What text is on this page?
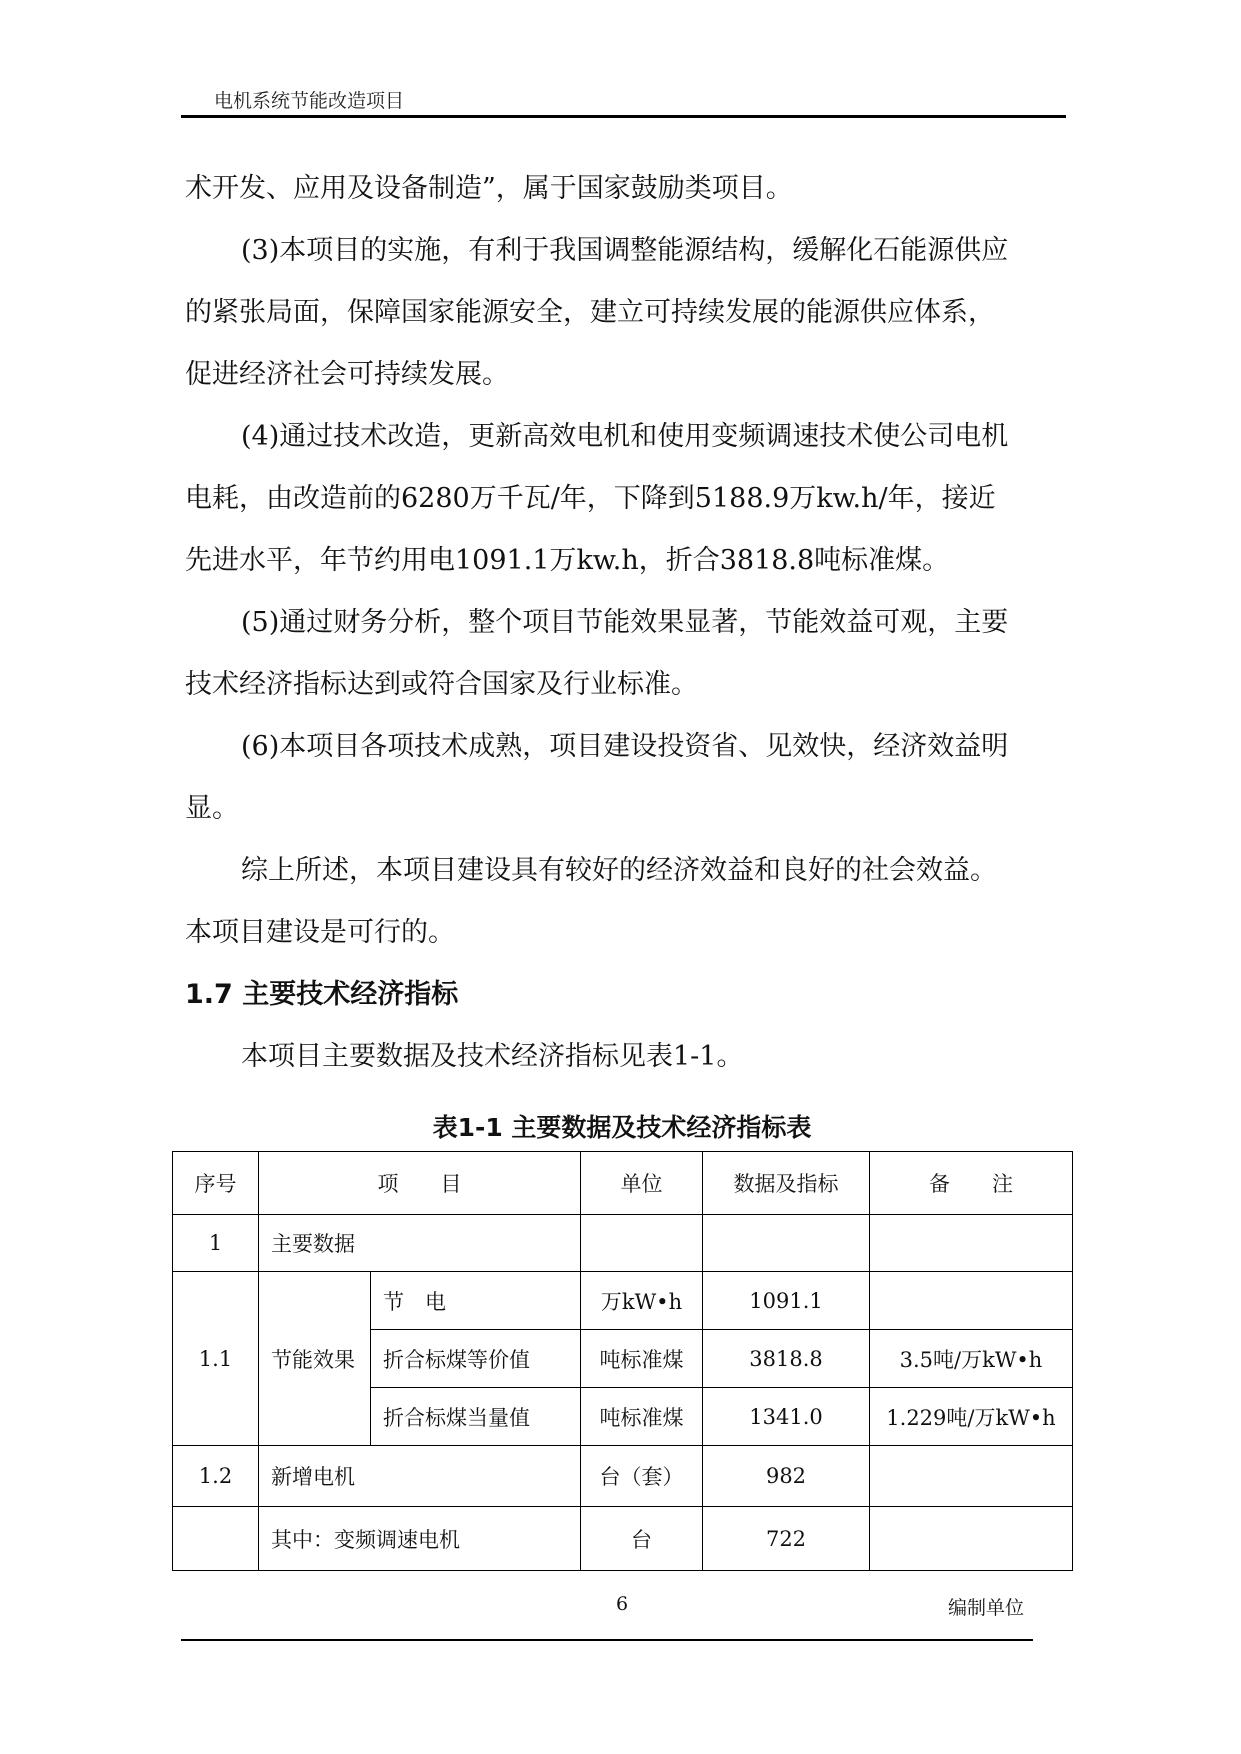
电机系统节能改造项目

术开发、应用及设备制造”，属于国家鼓励类项目。

(3)本项目的实施，有利于我国调整能源结构，缓解化石能源供应

的紧张局面，保障国家能源安全，建立可持续发展的能源供应体系，

促进经济社会可持续发展。

(4)通过技术改造，更新高效电机和使用变频调速技术使公司电机

电耗，由改造前的6280万千瓦/年，下降到5188.9万kw.h/年，接近

先进水平，年节约用电1091.1万kw.h，折合3818.8吨标准煤。

(5)通过财务分析，整个项目节能效果显著，节能效益可观，主要

技术经济指标达到或符合国家及行业标准。

(6)本项目各项技术成熟，项目建设投资省、见效快，经济效益明

显。

综上所述，本项目建设具有较好的经济效益和良好的社会效益。

本项目建设是可行的。

1.7 主要技术经济指标

本项目主要数据及技术经济指标见表1-1。

表1-1 主要数据及技术经济指标表
序号	项　　目		单位	数据及指标	备　　注
1	主要数据				
1.1	节能效果	节　电	万kW•h	1091.1	
		折合标煤等价值	吨标准煤	3818.8	3.5吨/万kW•h
		折合标煤当量值	吨标准煤	1341.0	1.229吨/万kW•h
1.2	新增电机		台（套）	982	
	其中：变频调速电机		台	722	
6	编制单位
